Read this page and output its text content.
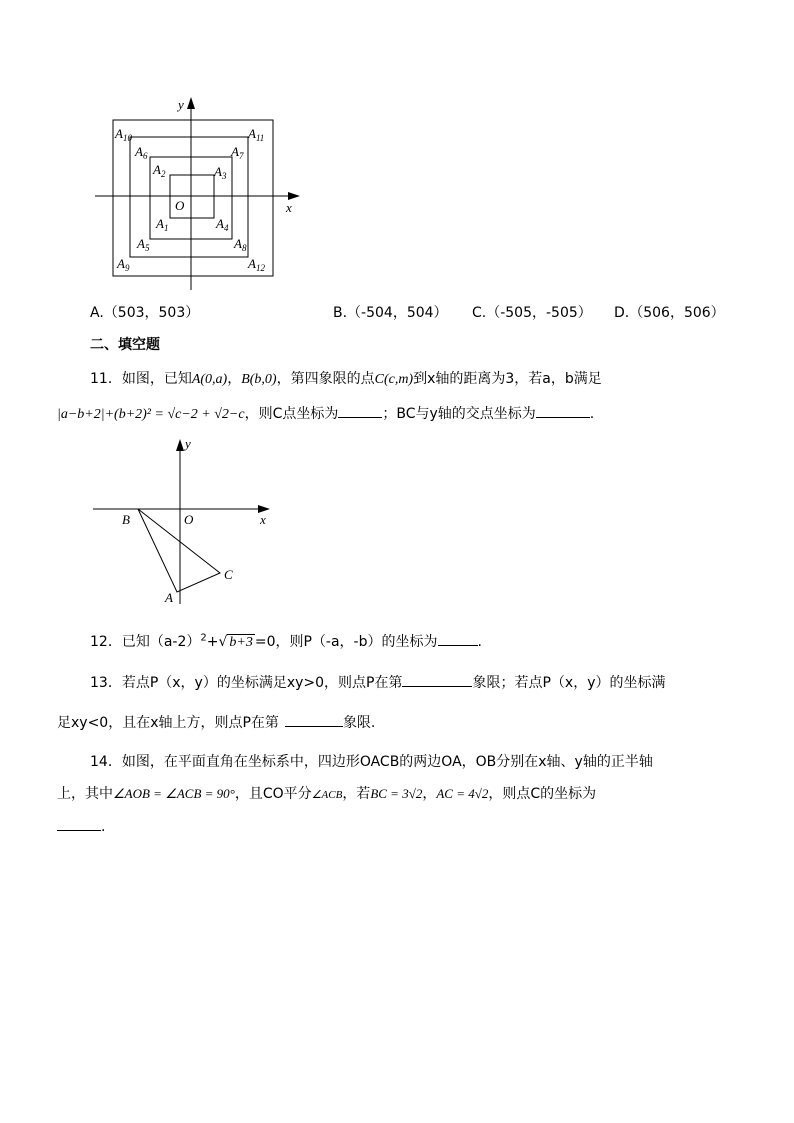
y
x
O
$A_{10}$	$A_{11}$
$A_6$	$A_7$
$A_2$	$A_3$
$A_1$	$A_4$
$A_5$	$A_8$
$A_9$	$A_{12}$
A.（503，503）	B.（-504，504） C.（-505，-505） D.（506，506）
二、填空题
11．如图，已知A(0,a)，B(b,0)，第四象限的点C(c,m)到x轴的距离为3，若a，b满足
|a−b+2|+(b+2)² = √c−2 + √2−c，则C点坐标为	；BC与y轴的交点坐标为	.
y
x
O
B
C
A
12．已知$(a-2)^2+√$ b+3 =0，则P（-a，-b）的坐标为	.
13．若点P（x，y）的坐标满足xy>0，则点P在第	象限；若点P（x，y）的坐标满
足xy<0，且在x轴上方，则点P在第	象限.
14．如图，在平面直角在坐标系中，四边形OACB的两边OA，OB分别在x轴、y轴的正半轴
上，其中∠AOB = ∠ACB = 90°，且CO平分∠ACB，若BC = 3√2，AC = 4√2，则点C的坐标为
.
